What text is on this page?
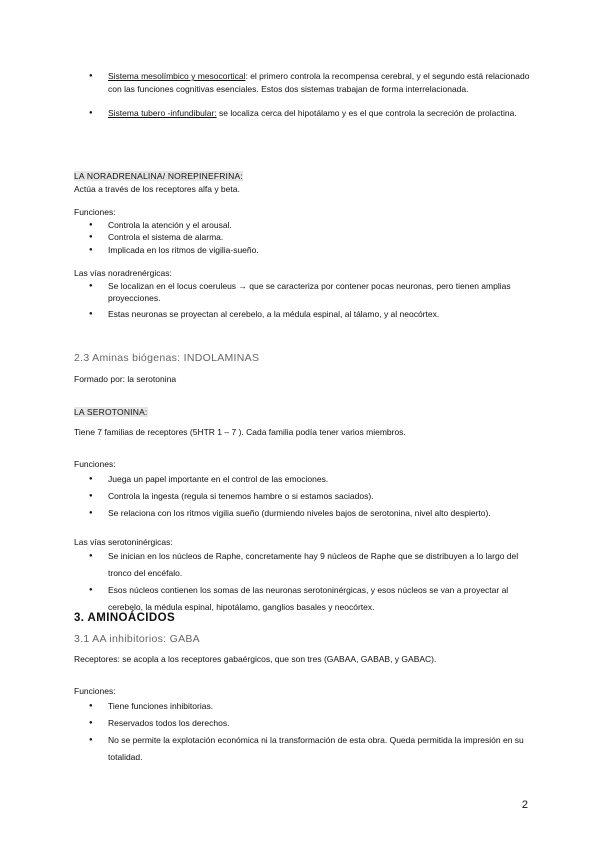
● Sistema mesolímbico y mesocortical: el primero controla la recompensa cerebral, y el segundo está relacionado con las funciones cognitivas esenciales. Estos dos sistemas trabajan de forma interrelacionada.
● Sistema tubero -infundibular: se localiza cerca del hipotálamo y es el que controla la secreción de prolactina.
LA NORADRENALINA/ NOREPINEFRINA:
Actúa a través de los receptores alfa y beta.
Funciones:
● Controla la atención y el arousal.
● Controla el sistema de alarma.
● Implicada en los ritmos de vigilia-sueño.
Las vías noradrenérgicas:
● Se localizan en el locus coeruleus → que se caracteriza por contener pocas neuronas, pero tienen amplias proyecciones.
● Estas neuronas se proyectan al cerebelo, a la médula espinal, al tálamo, y al neocórtex.
2.3 Aminas biógenas: INDOLAMINAS
Formado por: la serotonina
LA SEROTONINA:
Tiene 7 familias de receptores (5HTR 1 – 7 ). Cada familia podía tener varios miembros.
Funciones:
● Juega un papel importante en el control de las emociones.
● Controla la ingesta (regula si tenemos hambre o si estamos saciados).
● Se relaciona con los ritmos vigilia sueño (durmiendo niveles bajos de serotonina, nivel alto despierto).
Las vías serotoninérgicas:
● Se inician en los núcleos de Raphe, concretamente hay 9 núcleos de Raphe que se distribuyen a lo largo del tronco del encéfalo.
● Esos núcleos contienen los somas de las neuronas serotoninérgicas, y esos núcleos se van a proyectar al cerebelo, la médula espinal, hipotálamo, ganglios basales y neocórtex.
3. AMINOÁCIDOS
3.1 AA inhibitorios: GABA
Receptores: se acopla a los receptores gabaérgicos, que son tres (GABAA, GABAB, y GABAC).
Funciones:
● Tiene funciones inhibitorias.
● Reservados todos los derechos.
● No se permite la explotación económica ni la transformación de esta obra. Queda permitida la impresión en su totalidad.
2
